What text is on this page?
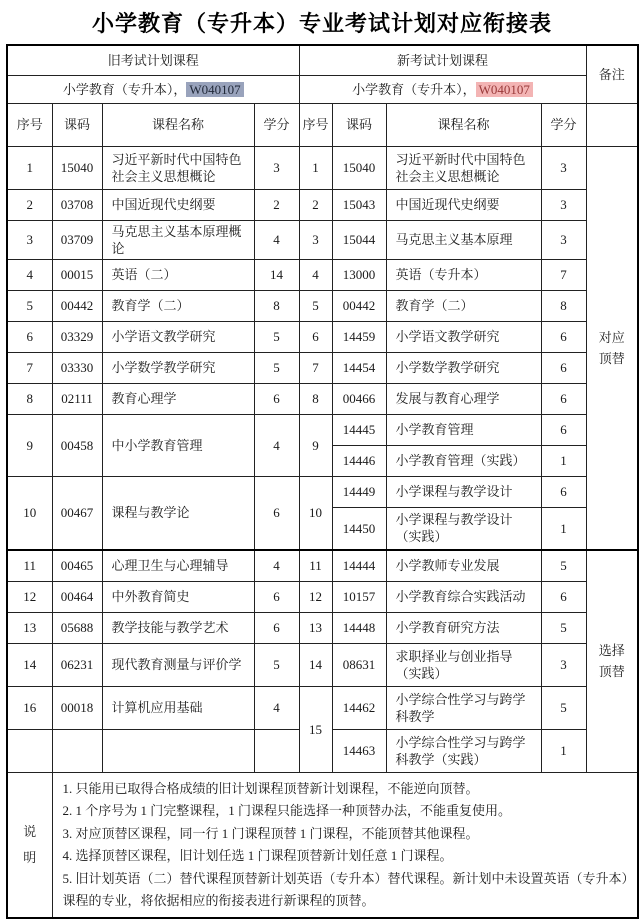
小学教育（专升本）专业考试计划对应衔接表
旧考试计划课程				新考试计划课程				备注
小学教育（专升本）， W040107				小学教育（专升本）， W040107				
序号	课码	课程名称	学分	序号	课码	课程名称	学分	
1	15040	习近平新时代中国特色社会主义思想概论	3	1	15040	习近平新时代中国特色社会主义思想概论	3	对应顶替
2	03708	中国近现代史纲要	2	2	15043	中国近现代史纲要	3	
3	03709	马克思主义基本原理概论	4	3	15044	马克思主义基本原理	3	
4	00015	英语（二）	14	4	13000	英语（专升本）	7	
5	00442	教育学（二）	8	5	00442	教育学（二）	8	
6	03329	小学语文教学研究	5	6	14459	小学语文教学研究	6	
7	03330	小学数学教学研究	5	7	14454	小学数学教学研究	6	
8	02111	教育心理学	6	8	00466	发展与教育心理学	6	
9	00458	中小学教育管理	4	9	14445	小学教育管理	6	
					14446	小学教育管理（实践）	1	
10	00467	课程与教学论	6	10	14449	小学课程与教学设计	6	
					14450	小学课程与教学设计（实践）	1	
11	00465	心理卫生与心理辅导	4	11	14444	小学教师专业发展	5	选择顶替
12	00464	中外教育简史	6	12	10157	小学教育综合实践活动	6	
13	05688	教学技能与教学艺术	6	13	14448	小学教育研究方法	5	
14	06231	现代教育测量与评价学	5	14	08631	求职择业与创业指导（实践）	3	
16	00018	计算机应用基础	4	15	14462	小学综合性学习与跨学科教学	5	
					14463	小学综合性学习与跨学科教学（实践）	1	
说明	1. 只能用已取得合格成绩的旧计划课程顶替新计划课程，不能逆向顶替。
2. 1 个序号为 1 门完整课程，1 门课程只能选择一种顶替办法，不能重复使用。
3. 对应顶替区课程，同一行 1 门课程顶替 1 门课程，不能顶替其他课程。
4. 选择顶替区课程，旧计划任选 1 门课程顶替新计划任意 1 门课程。
5. 旧计划英语（二）替代课程顶替新计划英语（专升本）替代课程。新计划中未设置英语（专升本）课程的专业，将依据相应的衔接表进行新课程的顶替。							
